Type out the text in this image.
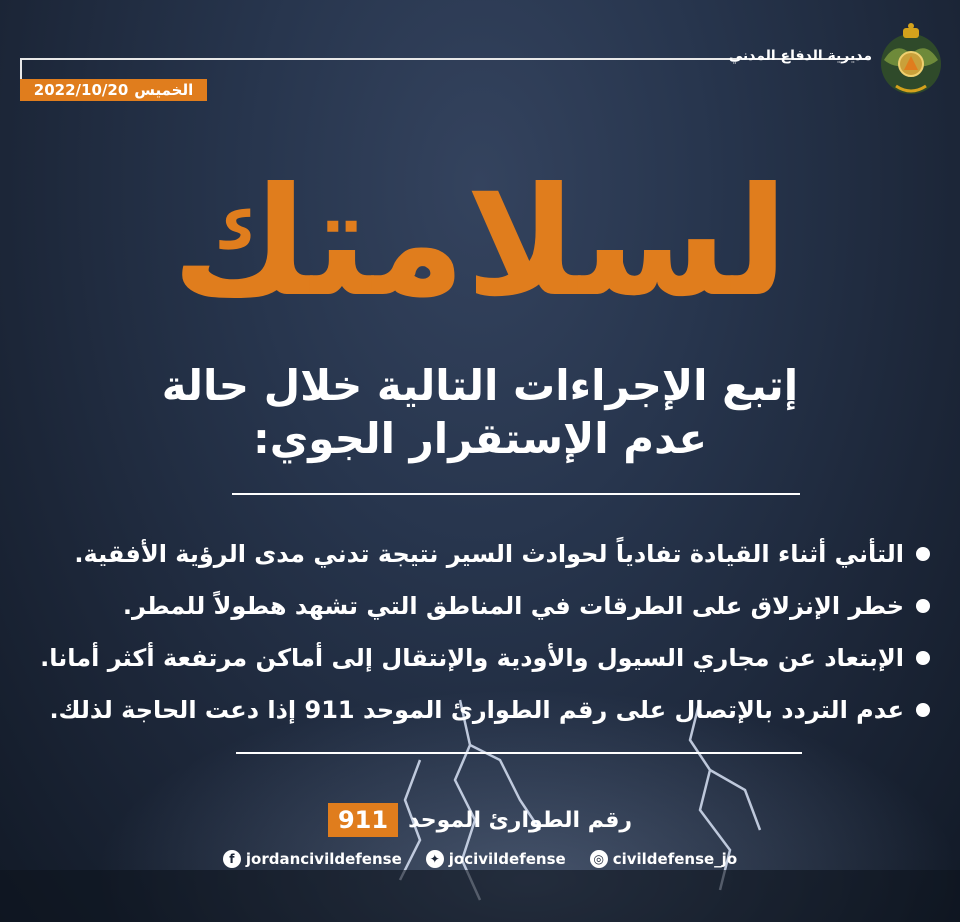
مديرية الدفاع المدني
الخميس
2022/10/20
لسلامتك
إتبع الإجراءات التالية خلال حالة
عدم الإستقرار الجوي:
التأني أثناء القيادة تفادياً لحوادث السير نتيجة تدني مدى الرؤية الأفقية.
خطر الإنزلاق على الطرقات في المناطق التي تشهد هطولاً للمطر.
الإبتعاد عن مجاري السيول والأودية والإنتقال إلى أماكن مرتفعة أكثر أمانا.
عدم التردد بالإتصال على رقم الطوارئ الموحد 911 إذا دعت الحاجة لذلك.
رقم الطوارئ الموحد
911
f jordancivildefense	✦ jocivildefense	◎ civildefense_jo
